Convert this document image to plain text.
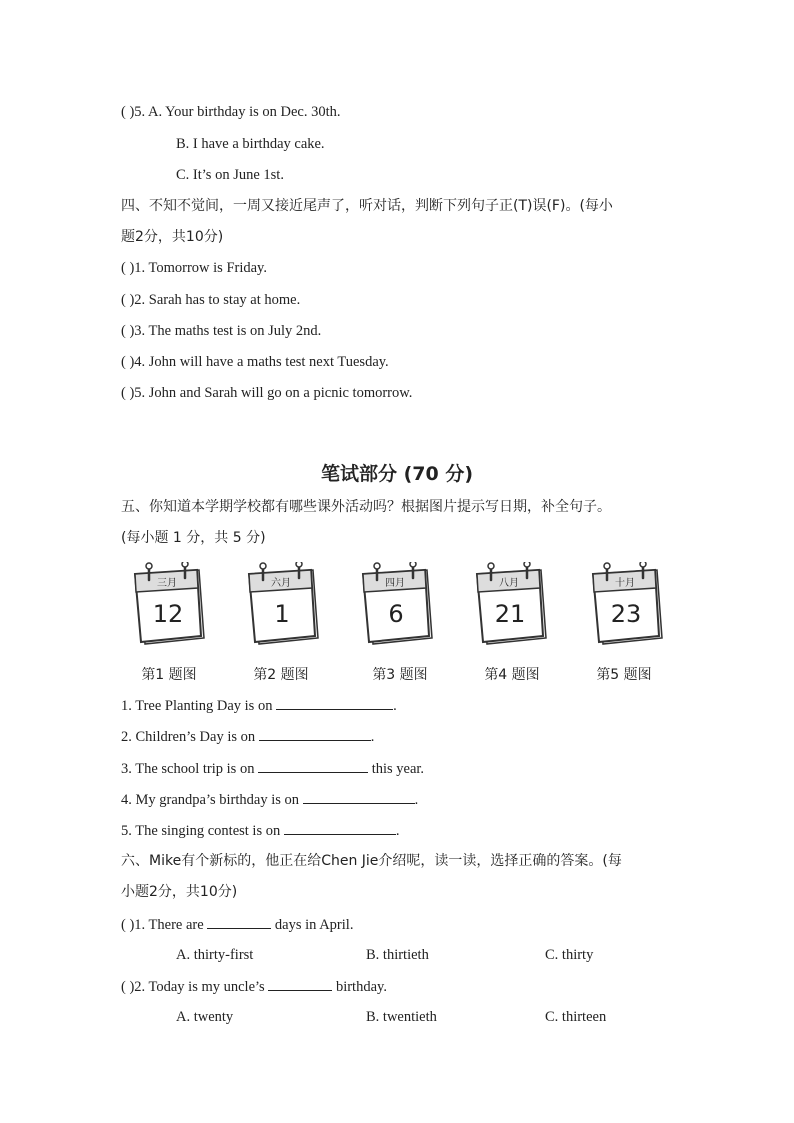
( )5. A. Your birthday is on Dec. 30th.
B. I have a birthday cake.
C. It’s on June 1st.
四、不知不觉间，一周又接近尾声了，听对话，判断下列句子正(T)误(F)。(每小
题2分，共10分)
( )1. Tomorrow is Friday.
( )2. Sarah has to stay at home.
( )3. The maths test is on July 2nd.
( )4. John will have a maths test next Tuesday.
( )5. John and Sarah will go on a picnic tomorrow.
笔试部分 (70 分)
五、你知道本学期学校都有哪些课外活动吗？根据图片提示写日期，补全句子。
(每小题 1 分，共 5 分)
三月
12
六月
1
四月
6
八月
21
十月
23
第1 题图	第2 题图	第3 题图	第4 题图	第5 题图
1. Tree Planting Day is on	.
2. Children’s Day is on	.
3. The school trip is on	this year.
4. My grandpa’s birthday is on	.
5. The singing contest is on	.
六、Mike有个新标的，他正在给Chen Jie介绍呢，读一读，选择正确的答案。(每
小题2分，共10分)
( )1. There are	days in April.
A. thirty-first	B. thirtieth	C. thirty
( )2. Today is my uncle’s	birthday.
A. twenty	B. twentieth	C. thirteen
